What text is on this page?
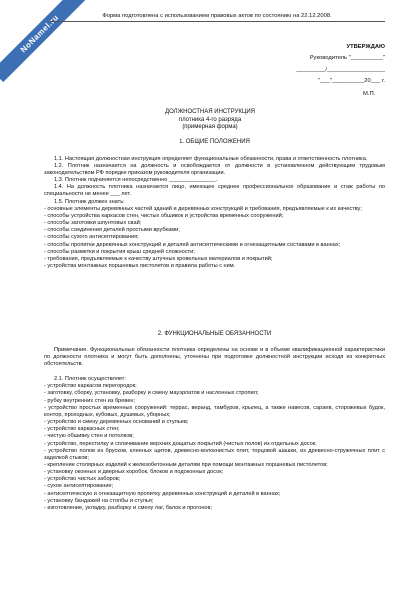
NoNamel.ru	Форма подготовлена с использованием правовых актов по состоянию на 22.12.2008.
УТВЕРЖДАЮ
Руководитель "__________"
_________/__________________
"___"__________20___ г.
М.П.
ДОЛЖНОСТНАЯ ИНСТРУКЦИЯ
плотника 4-го разряда
(примерная форма)
1. ОБЩИЕ ПОЛОЖЕНИЯ
1.1. Настоящая должностная инструкция определяет функциональные обязанности, права и ответственность плотника.
1.2. Плотник назначается на должность и освобождается от должности в установленном действующим трудовым законодательством РФ порядке приказом руководителя организации.
1.3. Плотник подчиняется непосредственно _______________.
1.4. На должность плотника назначается лицо, имеющее среднее профессиональное образование и стаж работы по специальности не менее ___ лет.
1.5. Плотник должен знать:
- основные элементы деревянных частей зданий и деревянных конструкций и требования, предъявляемые к их качеству;
- способы устройства каркасов стен, чистых обшивок и устройства временных сооружений;
- способы заготовки шпунтовых свай;
- способы соединения деталей простыми врубками;
- способы сухого антисептирования;
- способы пропитки деревянных конструкций и деталей антисептическими и огнезащитными составами в ваннах;
- способы разметки и покрытия крыш средней сложности;
- требования, предъявляемые к качеству штучных кровельных материалов и покрытий;
- устройства монтажных поршневых пистолетов и правила работы с ним.
2. ФУНКЦИОНАЛЬНЫЕ ОБЯЗАННОСТИ
Примечание. Функциональные обязанности плотника определены на основе и в объеме квалификационной характеристики по должности плотника и могут быть дополнены, уточнены при подготовке должностной инструкции исходя из конкретных обстоятельств.
2.1. Плотник осуществляет:
- устройство каркасов перегородок;
- заготовку, сборку, установку, разборку и смену мауэрлатов и наслонных стропил;
- рубку внутренних стен из бревен;
- устройство простых временных сооружений: террас, веранд, тамбуров, крылец, а также навесов, сараев, сторожевых будок, контор, проходных, кубовых, душевых, уборных;
- устройство и смену деревянных оснований и стульев;
- устройство каркасных стен;
- чистую обшивку стен и потолков;
- устройство, перестилку и сплачивание верхних дощатых покрытий (чистых полов) из отдельных досок;
- устройство полов из брусков, клееных щитов, древесно-волокнистых плит, торцовой шашки, из древесно-стружечных плит с заделкой стыков;
- крепление столярных изделий к железобетонным деталям при помощи монтажных поршневых пистолетов;
- установку оконных и дверных коробок, блоков и подоконных досок;
- устройство чистых заборов;
- сухое антисептирование;
- антисептическую и огнезащитную пропитку деревянных конструкций и деталей в ваннах;
- установку бандажей на столбы и стулья;
- изготовление, укладку, разборку и смену лаг, балок и прогонов;
